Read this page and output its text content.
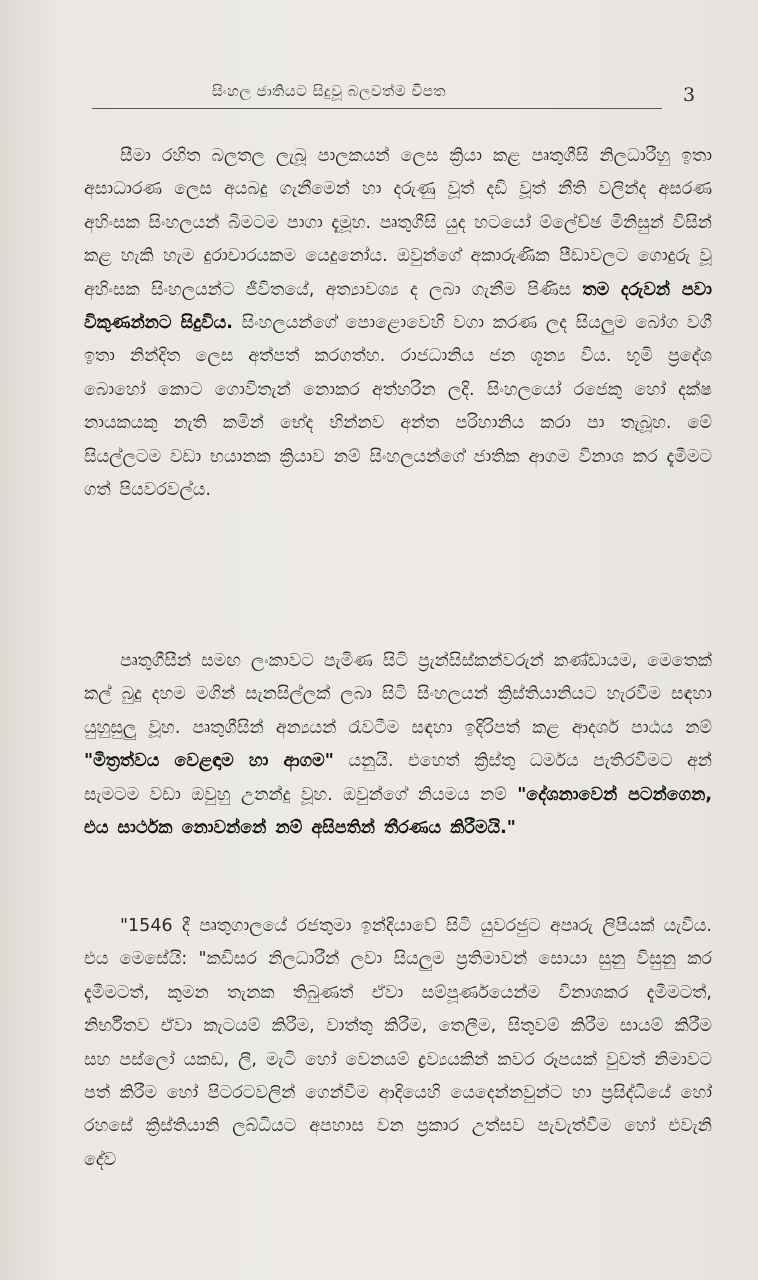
සිංහල ජාතියට සිදුවූ බලවත්ම විපත	3

සීමා රහිත බලතල ලැබූ පාලකයන් ලෙස ක්‍රියා කළ පෘතුගීසි නිලධාරීහු ඉතා අසාධාරණ ලෙස අයබදු ගැනීමෙන් හා දරුණු වූත් දඩි වූත් නීති වලින්ද අසරණ අහිංසක සිංහලයන් බිමටම පාගා දැමූහ. පෘතුගීසි යුද හටයෝ ම්ලේච්ඡ මිනිසුන් විසින් කළ හැකි හැම දුරාචාරයකම යෙදුනෝය. ඔවුන්ගේ අකාරුණික පීඩාවලට ගොදුරු වූ අහිංසක සිංහලයන්ට ජීවිතයේ, අත්‍යාවශ්‍ය ද ලබා ගැනීම පිණිස තම දරුවන් පවා විකුණන්නට සිදුවිය. සිංහලයන්ගේ පොළොවෙහි වගා කරණ ලද සියලුම බෝග වගී ඉතා නින්දිත ලෙස අත්පත් කරගත්හ. රාජධානිය ජන ශූන්‍ය විය. භූමි ප්‍රදේශ බොහෝ කොට ගොවිතැන් නොකර අත්හරින ලදි. සිංහලයෝ රජෙකු හෝ දක්ෂ නායකයකු නැති කමින් භේද භින්නව අන්ත පරිහානිය කරා පා තැබූහ. මේ සියල්ලටම වඩා භයානක ක්‍රියාව නම් සිංහලයන්ගේ ජාතික ආගම විනාශ කර දැමීමට ගත් පියවරවල්ය.

පෘතුගීසීන් සමඟ ලංකාවට පැමිණ සිටි ප්‍රැන්සිස්කන්වරුන් කණ්ඩායම, මෙතෙක් කල් බුදු දහම මගින් සැනසිල්ලක් ලබා සිටි සිංහලයන් ක්‍රිස්තියානියට හැරවීම සඳහා යුහුසුලු වූහ. පෘතුගීසින් අන්‍යයන් රැවටීම සඳහා ඉදිරිපත් කළ ආදර්ශ පාඨය නම් "මිත්‍රත්වය වෙළඳාම හා ආගම" යනුයි. එහෙත් ක්‍රිස්තු ධර්මය පැතිරවීමට අන් සැමටම වඩා ඔවුහු උනන්දු වූහ. ඔවුන්ගේ නියමය නම් "දේශනාවෙන් පටන්ගෙන, එය සාර්ථක නොවන්නේ නම් අසිපතින් තීරණය කිරීමයි."

"1546 දී පෘතුගාලයේ රජතුමා ඉන්දියාවේ සිටි යුවරජුට අප්‍රුරු ලිපියක් යැවීය. එය මෙසේයි: "කඩිසර නිලධාරීන් ලවා සියලුම ප්‍රතිමාවන් සොයා සුනු විසුනු කර දැමීමටත්, කුමන තැනක තිබුණත් ඒවා සම්පූර්ණයෙන්ම විනාශකර දැමීමටත්, නිර්භීතව ඒවා කැටයම් කිරීම, වාත්තු කිරීම, තෙලීම, සිතුවම් කිරීම සායම් කිරීම සහ පස්ලෝ යකඩ, ලී, මැටි හෝ වෙනයම් ද්‍රව්‍යයකින් කවර රූපයක් වුවත් නිමාවට පත් කිරීම හෝ පිටරටවලින් ගෙන්වීම ආදියෙහි යෙදෙන්නවුන්ට හා ප්‍රසිද්ධියේ හෝ රහසේ ක්‍රිස්තියානි ලබ්ධියට අපහාස වන ප්‍රකාර උත්සව පැවැත්වීම හෝ එවැනි දේව
